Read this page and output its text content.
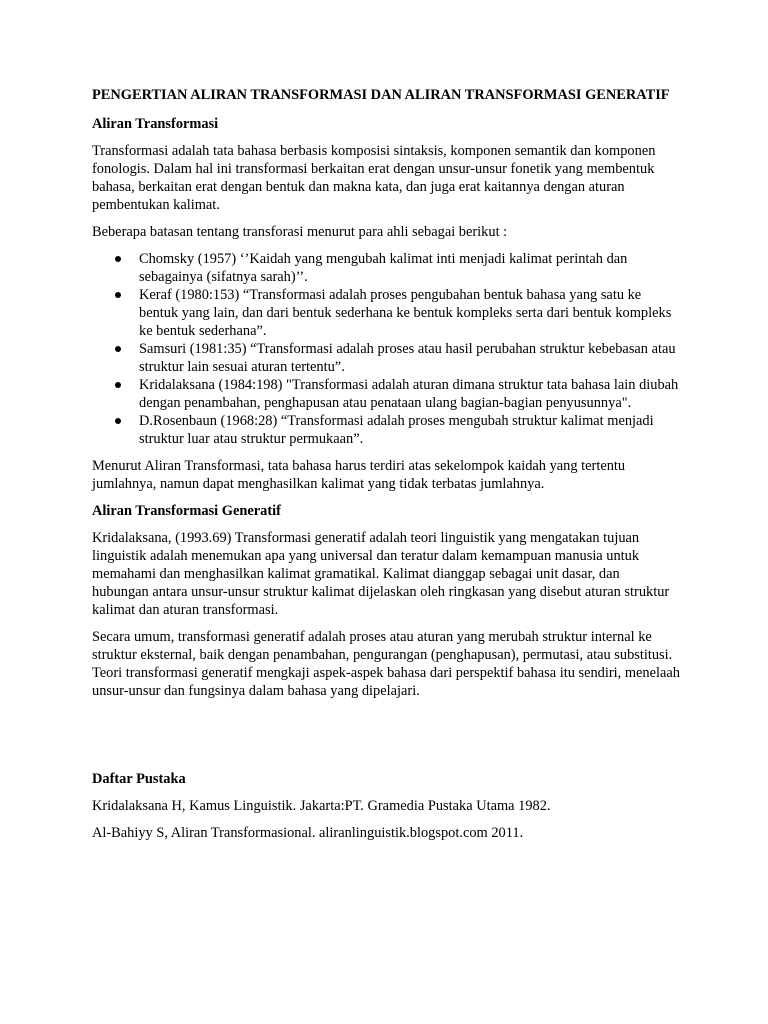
PENGERTIAN ALIRAN TRANSFORMASI DAN ALIRAN TRANSFORMASI GENERATIF
Aliran Transformasi
Transformasi adalah tata bahasa berbasis komposisi sintaksis, komponen semantik dan komponen fonologis. Dalam hal ini transformasi berkaitan erat dengan unsur-unsur fonetik yang membentuk bahasa, berkaitan erat dengan bentuk dan makna kata, dan juga erat kaitannya dengan aturan pembentukan kalimat.
Beberapa batasan tentang transforasi menurut para ahli sebagai berikut :
Chomsky (1957) ‘’Kaidah yang mengubah kalimat inti menjadi kalimat perintah dan sebagainya (sifatnya sarah)’’.
Keraf (1980:153) “Transformasi adalah proses pengubahan bentuk bahasa yang satu ke bentuk yang lain, dan dari bentuk sederhana ke bentuk kompleks serta dari bentuk kompleks ke bentuk sederhana”.
Samsuri (1981:35) “Transformasi adalah proses atau hasil perubahan struktur kebebasan atau struktur lain sesuai aturan tertentu”.
Kridalaksana (1984:198) "Transformasi adalah aturan dimana struktur tata bahasa lain diubah dengan penambahan, penghapusan atau penataan ulang bagian-bagian penyusunnya".
D.Rosenbaun (1968:28) “Transformasi adalah proses mengubah struktur kalimat menjadi struktur luar atau struktur permukaan”.
Menurut Aliran Transformasi, tata bahasa harus terdiri atas sekelompok kaidah yang tertentu jumlahnya, namun dapat menghasilkan kalimat yang tidak terbatas jumlahnya.
Aliran Transformasi Generatif
Kridalaksana, (1993.69) Transformasi generatif adalah teori linguistik yang mengatakan tujuan linguistik adalah menemukan apa yang universal dan teratur dalam kemampuan manusia untuk memahami dan menghasilkan kalimat gramatikal. Kalimat dianggap sebagai unit dasar, dan hubungan antara unsur-unsur struktur kalimat dijelaskan oleh ringkasan yang disebut aturan struktur kalimat dan aturan transformasi.
Secara umum, transformasi generatif adalah proses atau aturan yang merubah struktur internal ke struktur eksternal, baik dengan penambahan, pengurangan (penghapusan), permutasi, atau substitusi. Teori transformasi generatif mengkaji aspek-aspek bahasa dari perspektif bahasa itu sendiri, menelaah unsur-unsur dan fungsinya dalam bahasa yang dipelajari.
Daftar Pustaka
Kridalaksana H, Kamus Linguistik. Jakarta:PT. Gramedia Pustaka Utama 1982.
Al-Bahiyy S, Aliran Transformasional. aliranlinguistik.blogspot.com 2011.
